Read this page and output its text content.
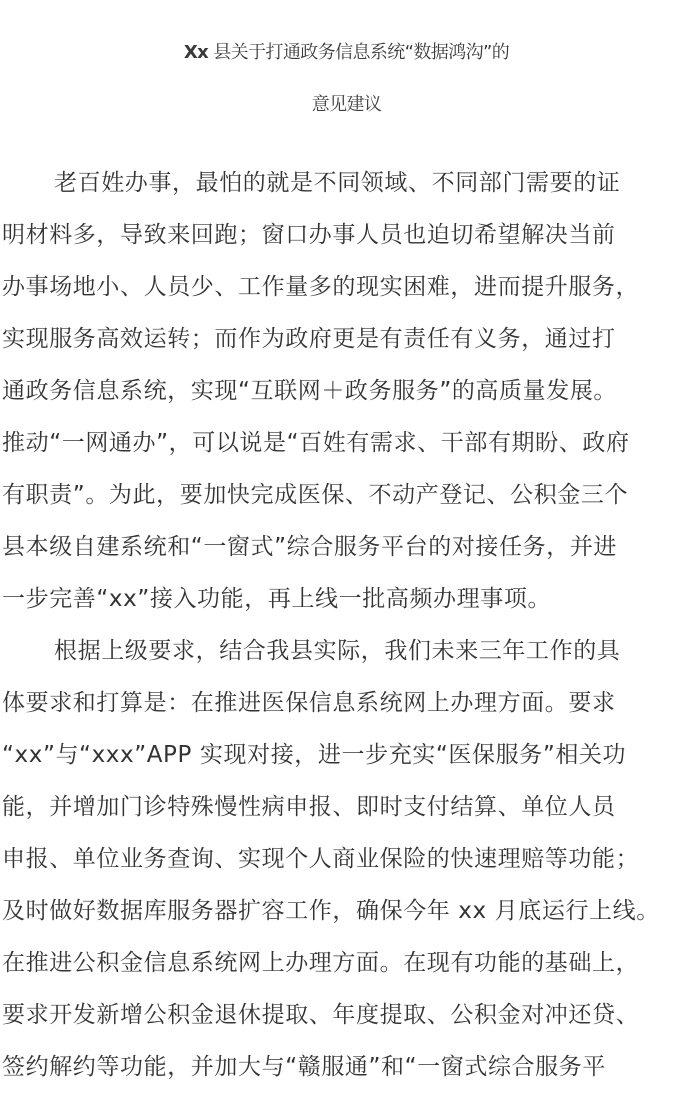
Xx 县关于打通政务信息系统“数据鸿沟”的
意见建议
老百姓办事，最怕的就是不同领域、不同部门需要的证
明材料多，导致来回跑；窗口办事人员也迫切希望解决当前
办事场地小、人员少、工作量多的现实困难，进而提升服务，
实现服务高效运转；而作为政府更是有责任有义务，通过打
通政务信息系统，实现“互联网＋政务服务”的高质量发展。
推动“一网通办”，可以说是“百姓有需求、干部有期盼、政府
有职责”。为此，要加快完成医保、不动产登记、公积金三个
县本级自建系统和“一窗式”综合服务平台的对接任务，并进
一步完善“xx”接入功能，再上线一批高频办理事项。
根据上级要求，结合我县实际，我们未来三年工作的具
体要求和打算是：在推进医保信息系统网上办理方面。要求
“xx”与“xxx”APP 实现对接，进一步充实“医保服务”相关功
能，并增加门诊特殊慢性病申报、即时支付结算、单位人员
申报、单位业务查询、实现个人商业保险的快速理赔等功能；
及时做好数据库服务器扩容工作，确保今年 xx 月底运行上线。
在推进公积金信息系统网上办理方面。在现有功能的基础上，
要求开发新增公积金退休提取、年度提取、公积金对冲还贷、
签约解约等功能，并加大与“赣服通”和“一窗式综合服务平
